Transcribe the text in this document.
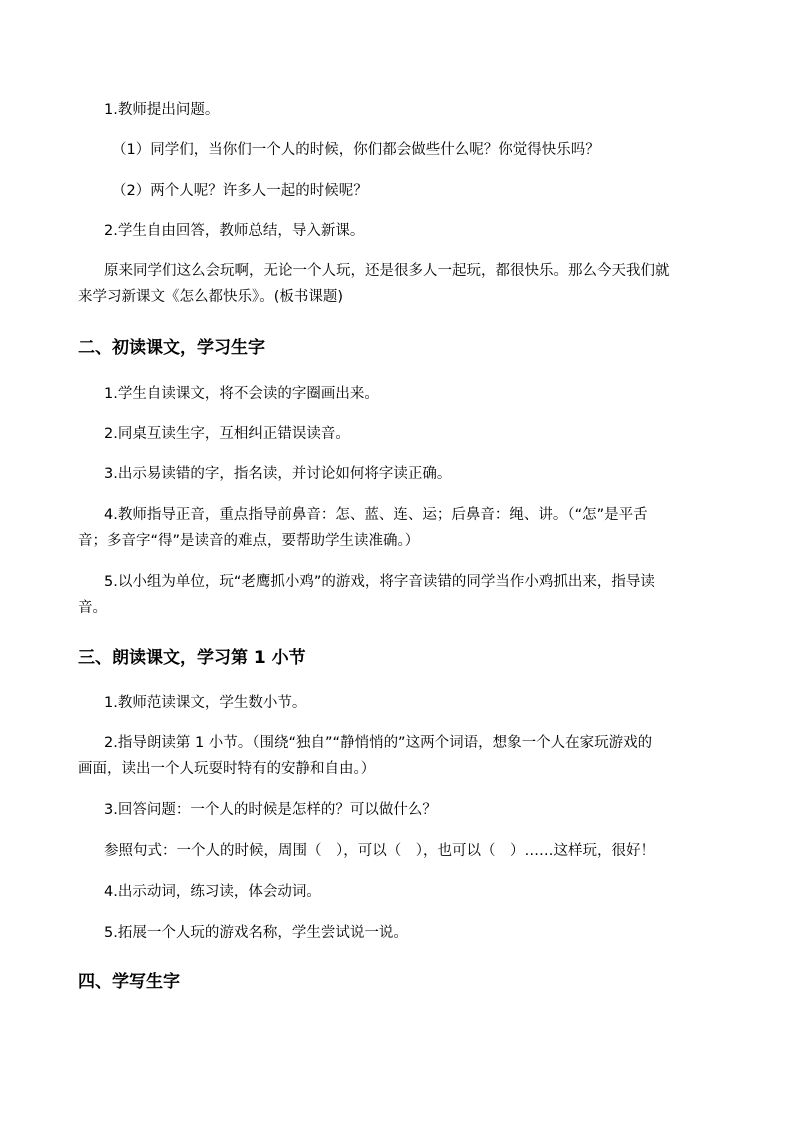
1.教师提出问题。
（1）同学们，当你们一个人的时候，你们都会做些什么呢？你觉得快乐吗？
（2）两个人呢？许多人一起的时候呢？
2.学生自由回答，教师总结，导入新课。
原来同学们这么会玩啊，无论一个人玩，还是很多人一起玩，都很快乐。那么今天我们就
来学习新课文《怎么都快乐》。(板书课题)
二、初读课文，学习生字
1.学生自读课文，将不会读的字圈画出来。
2.同桌互读生字，互相纠正错误读音。
3.出示易读错的字，指名读，并讨论如何将字读正确。
4.教师指导正音，重点指导前鼻音：怎、蓝、连、运；后鼻音：绳、讲。（“怎”是平舌
音；多音字“得”是读音的难点，要帮助学生读准确。）
5.以小组为单位，玩“老鹰抓小鸡”的游戏，将字音读错的同学当作小鸡抓出来，指导读
音。
三、朗读课文，学习第 1 小节
1.教师范读课文，学生数小节。
2.指导朗读第 1 小节。（围绕“独自”“静悄悄的”这两个词语，想象一个人在家玩游戏的
画面，读出一个人玩耍时特有的安静和自由。）
3.回答问题：一个人的时候是怎样的？可以做什么？
参照句式：一个人的时候，周围（　），可以（　），也可以（　）……这样玩，很好！
4.出示动词，练习读，体会动词。
5.拓展一个人玩的游戏名称，学生尝试说一说。
四、学写生字
